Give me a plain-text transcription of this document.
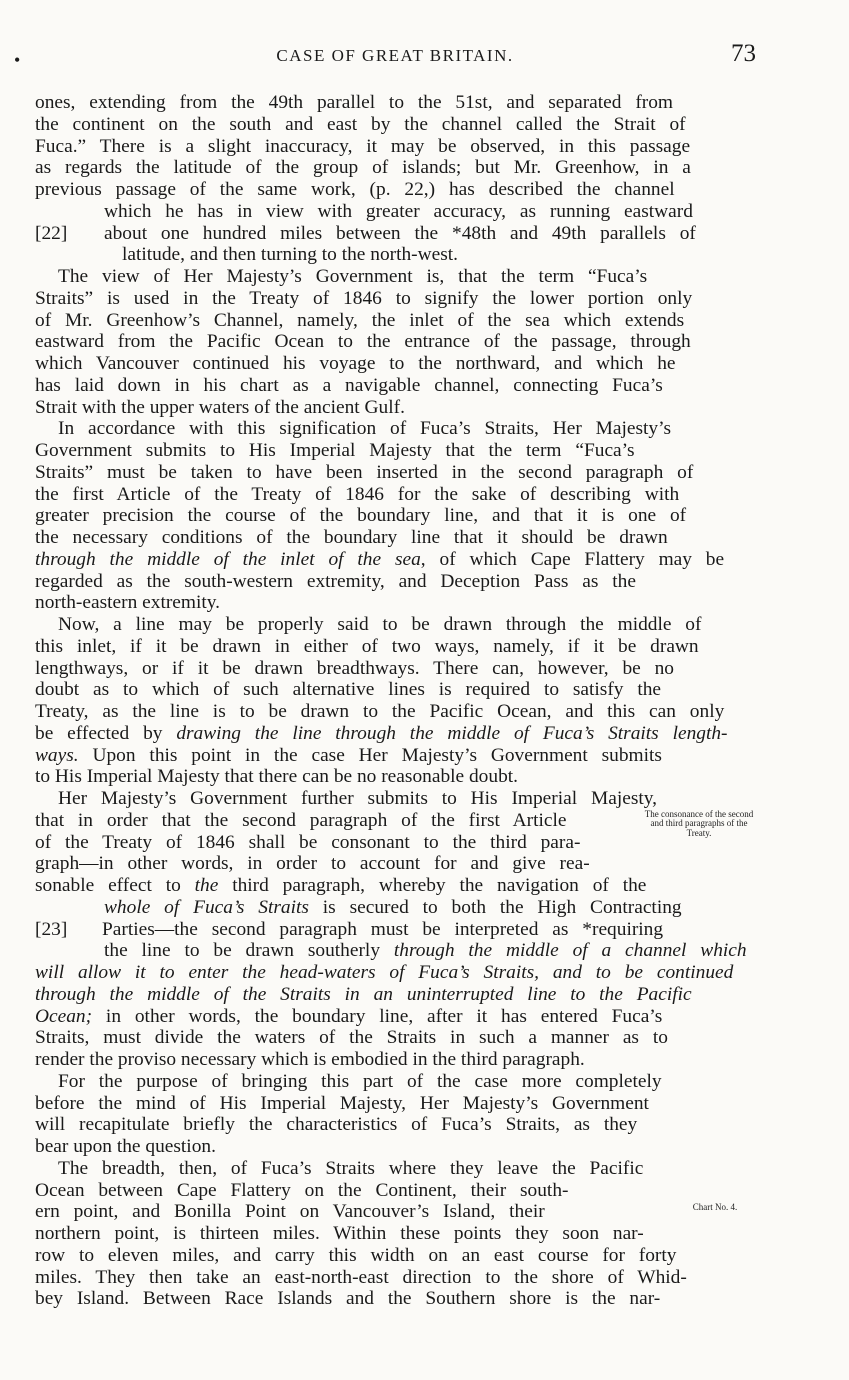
CASE OF GREAT BRITAIN.	73
•
ones, extending from the 49th parallel to the 51st, and separated from
the continent on the south and east by the channel called the Strait of
Fuca.” There is a slight inaccuracy, it may be observed, in this passage
as regards the latitude of the group of islands; but Mr. Greenhow, in a
previous passage of the same work, (p. 22,) has described the channel
which he has in view with greater accuracy, as running eastward
about one hundred miles between the *48th and 49th parallels of
latitude, and then turning to the north-west.
The view of Her Majesty’s Government is, that the term “Fuca’s
Straits” is used in the Treaty of 1846 to signify the lower portion only
of Mr. Greenhow’s Channel, namely, the inlet of the sea which extends
eastward from the Pacific Ocean to the entrance of the passage, through
which Vancouver continued his voyage to the northward, and which he
has laid down in his chart as a navigable channel, connecting Fuca’s
Strait with the upper waters of the ancient Gulf.
In accordance with this signification of Fuca’s Straits, Her Majesty’s
Government submits to His Imperial Majesty that the term “Fuca’s
Straits” must be taken to have been inserted in the second paragraph of
the first Article of the Treaty of 1846 for the sake of describing with
greater precision the course of the boundary line, and that it is one of
the necessary conditions of the boundary line that it should be drawn
through the middle of the inlet of the sea, of which Cape Flattery may be
regarded as the south-western extremity, and Deception Pass as the
north-eastern extremity.
Now, a line may be properly said to be drawn through the middle of
this inlet, if it be drawn in either of two ways, namely, if it be drawn
lengthways, or if it be drawn breadthways. There can, however, be no
doubt as to which of such alternative lines is required to satisfy the
Treaty, as the line is to be drawn to the Pacific Ocean, and this can only
be effected by drawing the line through the middle of Fuca’s Straits length-
ways. Upon this point in the case Her Majesty’s Government submits
to His Imperial Majesty that there can be no reasonable doubt.
Her Majesty’s Government further submits to His Imperial Majesty,
that in order that the second paragraph of the first Article
of the Treaty of 1846 shall be consonant to the third para-
graph—in other words, in order to account for and give rea-
sonable effect to the third paragraph, whereby the navigation of the
whole of Fuca’s Straits is secured to both the High Contracting
Parties—the second paragraph must be interpreted as *requiring
the line to be drawn southerly through the middle of a channel which
will allow it to enter the head-waters of Fuca’s Straits, and to be continued
through the middle of the Straits in an uninterrupted line to the Pacific
Ocean; in other words, the boundary line, after it has entered Fuca’s
Straits, must divide the waters of the Straits in such a manner as to
render the proviso necessary which is embodied in the third paragraph.
For the purpose of bringing this part of the case more completely
before the mind of His Imperial Majesty, Her Majesty’s Government
will recapitulate briefly the characteristics of Fuca’s Straits, as they
bear upon the question.
The breadth, then, of Fuca’s Straits where they leave the Pacific
Ocean between Cape Flattery on the Continent, their south-
ern point, and Bonilla Point on Vancouver’s Island, their
northern point, is thirteen miles. Within these points they soon nar-
row to eleven miles, and carry this width on an east course for forty
miles. They then take an east-north-east direction to the shore of Whid-
bey Island. Between Race Islands and the Southern shore is the nar-
[22]
[23]
The consonance of the second and third paragraphs of the Treaty.
Chart No. 4.
